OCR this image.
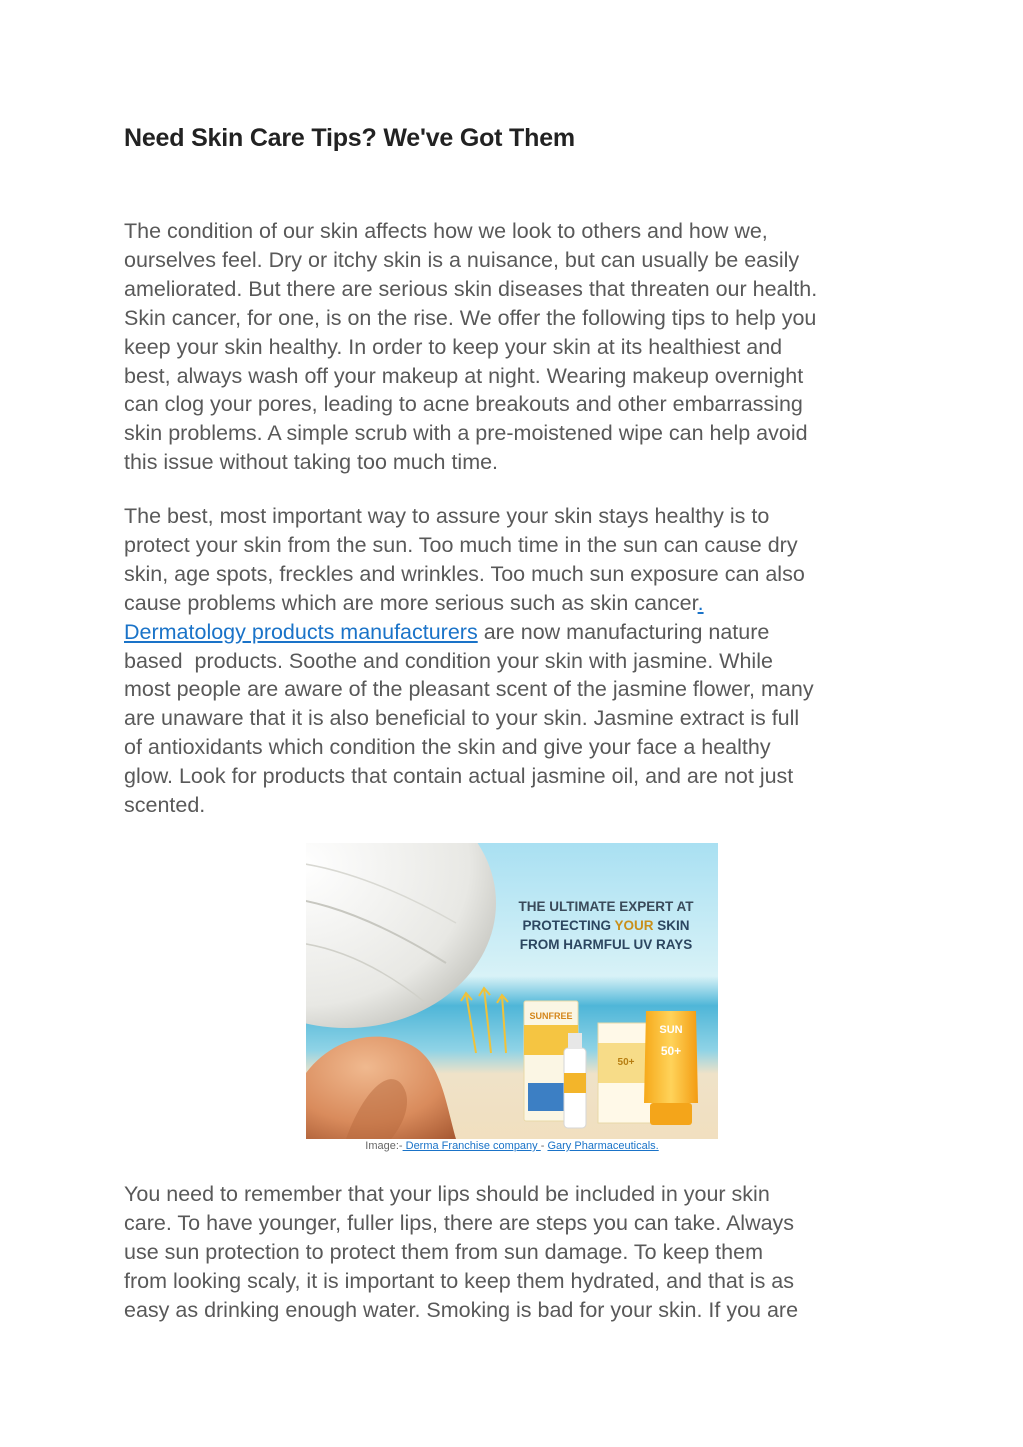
Need Skin Care Tips? We've Got Them

The condition of our skin affects how we look to others and how we,
ourselves feel. Dry or itchy skin is a nuisance, but can usually be easily
ameliorated. But there are serious skin diseases that threaten our health.
Skin cancer, for one, is on the rise. We offer the following tips to help you
keep your skin healthy. In order to keep your skin at its healthiest and
best, always wash off your makeup at night. Wearing makeup overnight
can clog your pores, leading to acne breakouts and other embarrassing
skin problems. A simple scrub with a pre-moistened wipe can help avoid
this issue without taking too much time.

The best, most important way to assure your skin stays healthy is to
protect your skin from the sun. Too much time in the sun can cause dry
skin, age spots, freckles and wrinkles. Too much sun exposure can also
cause problems which are more serious such as skin cancer.
Dermatology products manufacturers are now manufacturing nature
based  products. Soothe and condition your skin with jasmine. While
most people are aware of the pleasant scent of the jasmine flower, many
are unaware that it is also beneficial to your skin. Jasmine extract is full
of antioxidants which condition the skin and give your face a healthy
glow. Look for products that contain actual jasmine oil, and are not just
scented.

SUNFREE
SUN
50+
50+
THE ULTIMATE EXPERT AT
PROTECTING YOUR SKIN
FROM HARMFUL UV RAYS
Image:- Derma Franchise company - Gary Pharmaceuticals.

You need to remember that your lips should be included in your skin
care. To have younger, fuller lips, there are steps you can take. Always
use sun protection to protect them from sun damage. To keep them
from looking scaly, it is important to keep them hydrated, and that is as
easy as drinking enough water. Smoking is bad for your skin. If you are
